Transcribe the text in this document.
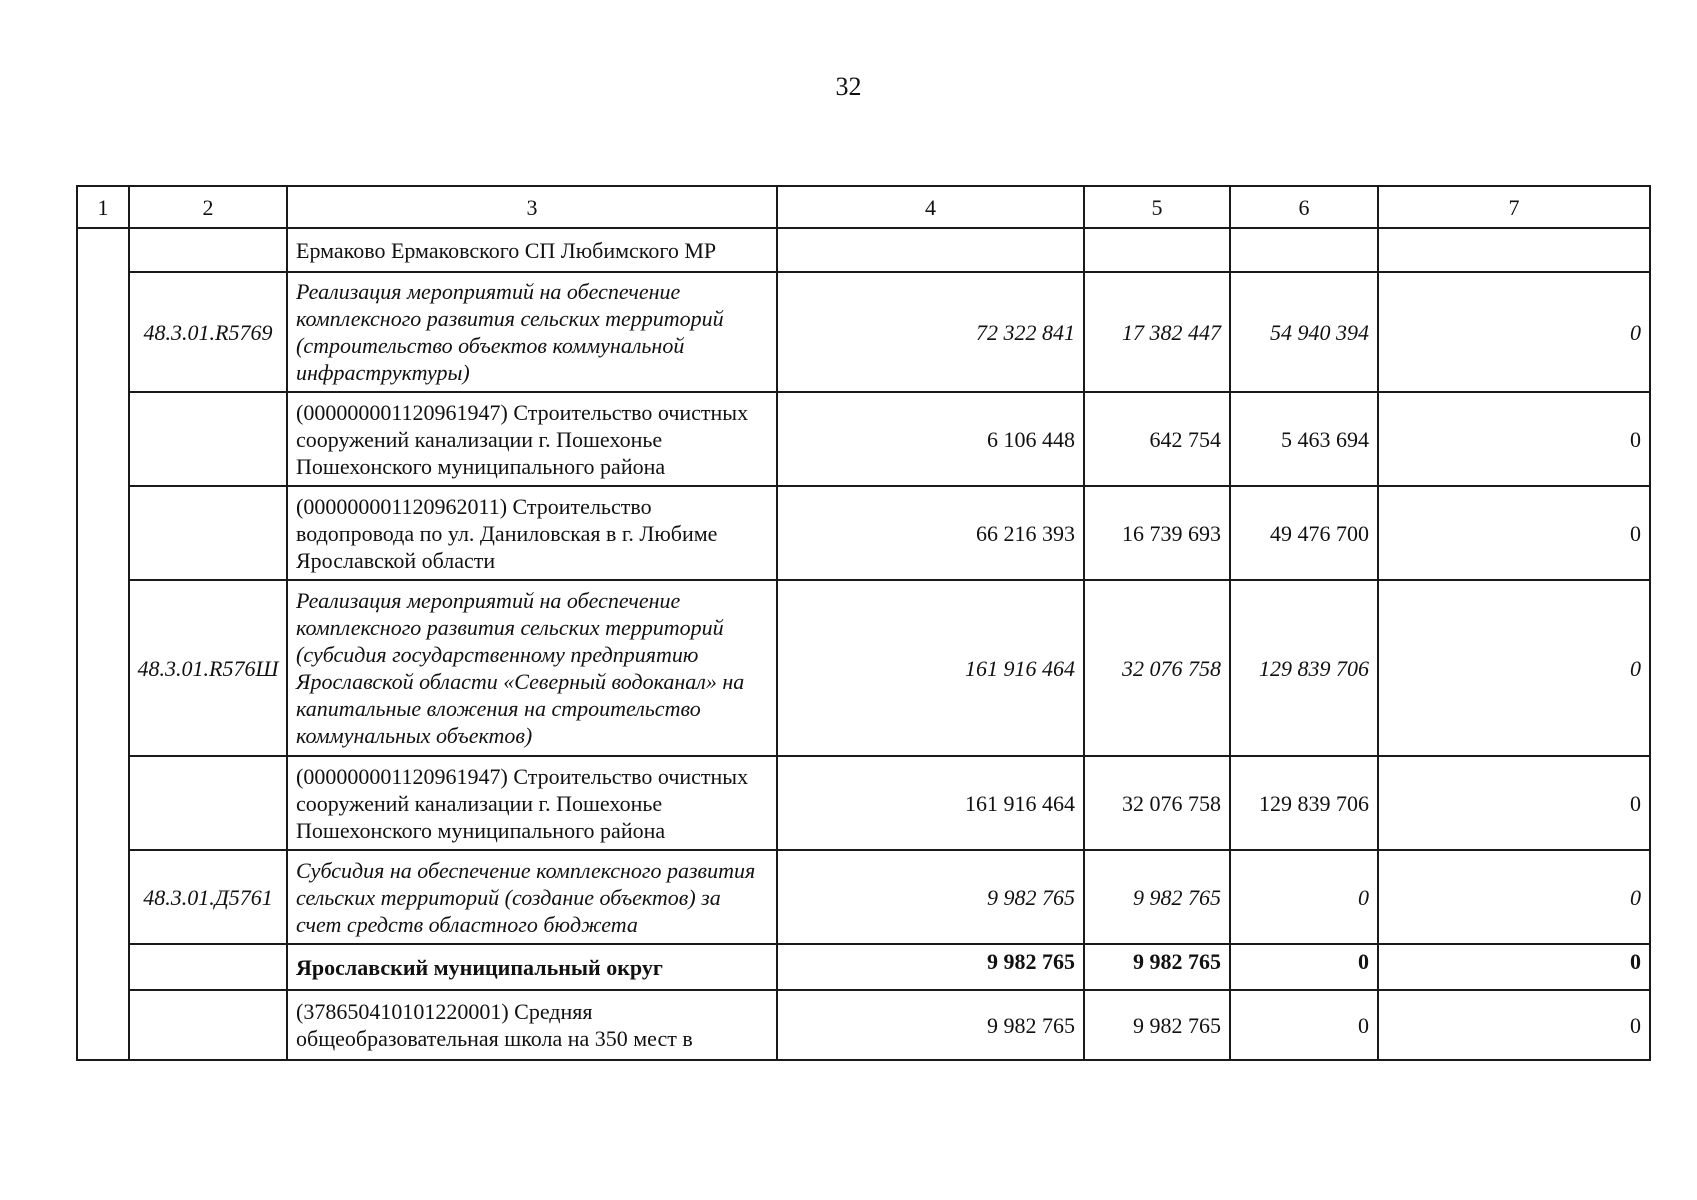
32
1	2	3	4	5	6	7
		Ермаково Ермаковского СП Любимского МР				
	48.3.01.R5769	Реализация мероприятий на обеспечение комплексного развития сельских территорий (строительство объектов коммунальной инфраструктуры)	72 322 841	17 382 447	54 940 394	0
		(000000001120961947) Строительство очистных сооружений канализации г. Пошехонье Пошехонского муниципального района	6 106 448	642 754	5 463 694	0
		(000000001120962011) Строительство водопровода по ул. Даниловская в г. Любиме Ярославской области	66 216 393	16 739 693	49 476 700	0
	48.3.01.R576Ш	Реализация мероприятий на обеспечение комплексного развития сельских территорий (субсидия государственному предприятию Ярославской области «Северный водоканал» на капитальные вложения на строительство коммунальных объектов)	161 916 464	32 076 758	129 839 706	0
		(000000001120961947) Строительство очистных сооружений канализации г. Пошехонье Пошехонского муниципального района	161 916 464	32 076 758	129 839 706	0
	48.3.01.Д5761	Субсидия на обеспечение комплексного развития сельских территорий (создание объектов) за счет средств областного бюджета	9 982 765	9 982 765	0	0
		Ярославский муниципальный округ	9 982 765	9 982 765	0	0
		(378650410101220001) Средняя общеобразовательная школа на 350 мест в	9 982 765	9 982 765	0	0
